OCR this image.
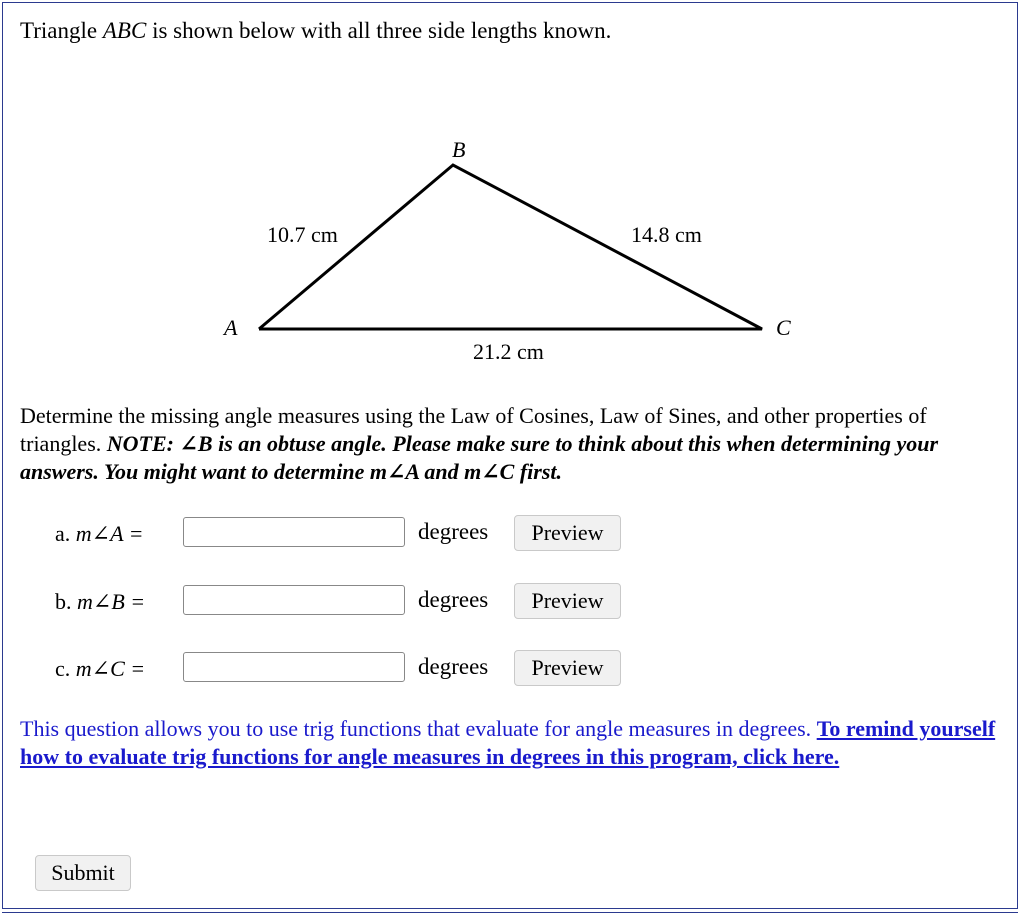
Triangle ABC is shown below with all three side lengths known.
B
A	C
10.7 cm	14.8 cm
21.2 cm
Determine the missing angle measures using the Law of Cosines, Law of Sines, and other properties of triangles. NOTE: ∠B is an obtuse angle. Please make sure to think about this when determining your answers. You might want to determine m∠A and m∠C first.
a. m∠A =	degrees	Preview
b. m∠B =	degrees	Preview
c. m∠C =	degrees	Preview
This question allows you to use trig functions that evaluate for angle measures in degrees. To remind yourself how to evaluate trig functions for angle measures in degrees in this program, click here.
Submit
